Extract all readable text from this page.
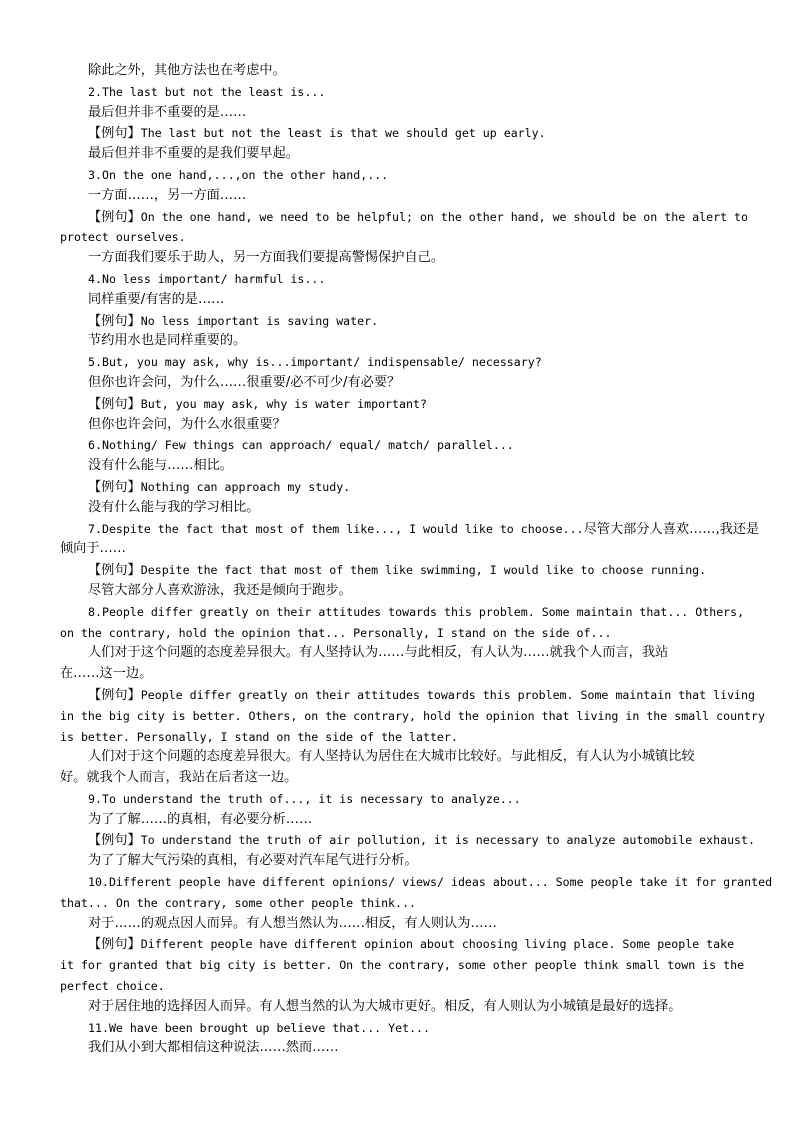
除此之外，其他方法也在考虑中。
2.The last but not the least is...
最后但并非不重要的是……
【例句】The last but not the least is that we should get up early.
最后但并非不重要的是我们要早起。
3.On the one hand,...,on the other hand,...
一方面……，另一方面……
【例句】On the one hand, we need to be helpful; on the other hand, we should be on the alert to
protect ourselves.
一方面我们要乐于助人，另一方面我们要提高警惕保护自己。
4.No less important/ harmful is...
同样重要/有害的是……
【例句】No less important is saving water.
节约用水也是同样重要的。
5.But, you may ask, why is...important/ indispensable/ necessary?
但你也许会问，为什么……很重要/必不可少/有必要？
【例句】But, you may ask, why is water important?
但你也许会问，为什么水很重要？
6.Nothing/ Few things can approach/ equal/ match/ parallel...
没有什么能与……相比。
【例句】Nothing can approach my study.
没有什么能与我的学习相比。
7.Despite the fact that most of them like..., I would like to choose...尽管大部分人喜欢……,我还是
倾向于……
【例句】Despite the fact that most of them like swimming, I would like to choose running.
尽管大部分人喜欢游泳，我还是倾向于跑步。
8.People differ greatly on their attitudes towards this problem. Some maintain that... Others,
on the contrary, hold the opinion that... Personally, I stand on the side of...
人们对于这个问题的态度差异很大。有人坚持认为……与此相反，有人认为……就我个人而言，我站
在……这一边。
【例句】People differ greatly on their attitudes towards this problem. Some maintain that living
in the big city is better. Others, on the contrary, hold the opinion that living in the small country
is better. Personally, I stand on the side of the latter.
人们对于这个问题的态度差异很大。有人坚持认为居住在大城市比较好。与此相反，有人认为小城镇比较
好。就我个人而言，我站在后者这一边。
9.To understand the truth of..., it is necessary to analyze...
为了了解……的真相，有必要分析……
【例句】To understand the truth of air pollution, it is necessary to analyze automobile exhaust.
为了了解大气污染的真相，有必要对汽车尾气进行分析。
10.Different people have different opinions/ views/ ideas about... Some people take it for granted
that... On the contrary, some other people think...
对于……的观点因人而异。有人想当然认为……相反，有人则认为……
【例句】Different people have different opinion about choosing living place. Some people take
it for granted that big city is better. On the contrary, some other people think small town is the
perfect choice.
对于居住地的选择因人而异。有人想当然的认为大城市更好。相反，有人则认为小城镇是最好的选择。
11.We have been brought up believe that... Yet...
我们从小到大都相信这种说法……然而……
